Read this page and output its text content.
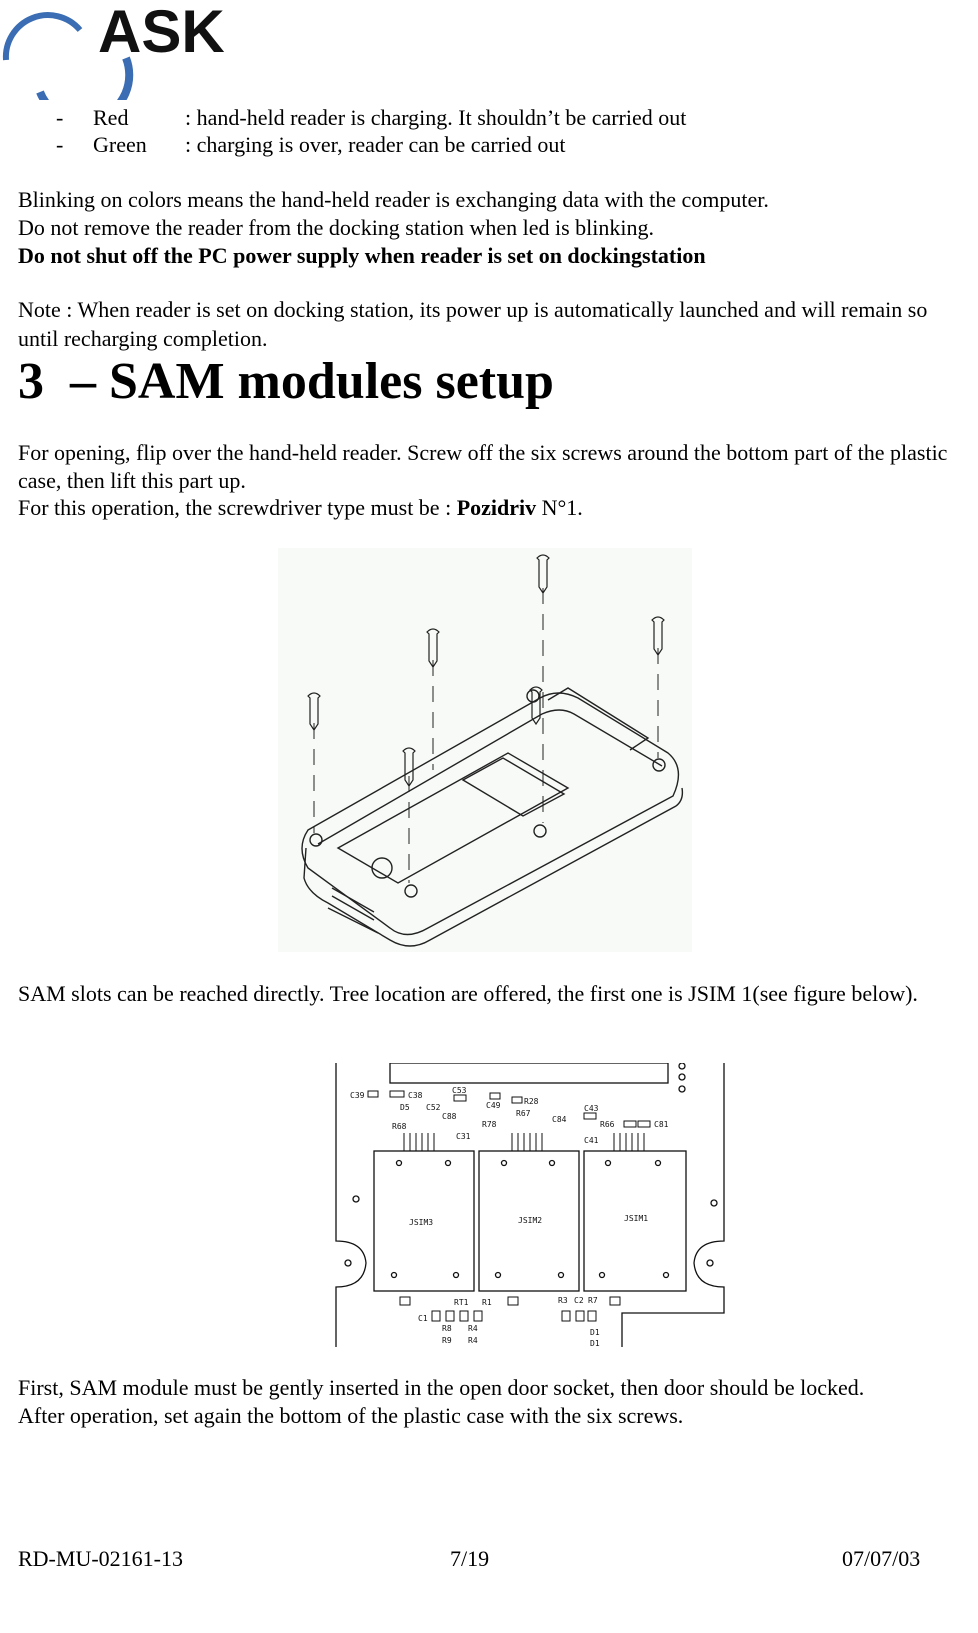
ASK
- Red	: hand-held reader is charging. It shouldn’t be carried out
- Green : charging is over, reader can be carried out
Blinking on colors means the hand-held reader is exchanging data with the computer.
Do not remove the reader from the docking station when led is blinking.
Do not shut off the PC power supply when reader is set on dockingstation
Note : When reader is set on docking station, its power up is automatically launched and will remain so until recharging completion.
3 – SAM modules setup
For opening, flip over the hand-held reader. Screw off the six screws around the bottom part of the plastic case, then lift this part up.
For this operation, the screwdriver type must be : Pozidriv N°1.
SAM slots can be reached directly. Tree location are offered, the first one is JSIM 1(see figure below).
C39	C38
C53
C49	R28
C43
D5 C52
R67
C88	C84
R68	R78
C31
R66	C81
C41
RT1 R1	R3 C2 R7
C1
R8 R4
R9 R4
D1
D1
JSIM3	JSIM2	JSIM1
First, SAM module must be gently inserted in the open door socket, then door should be locked.
After operation, set again the bottom of the plastic case with the six screws.
RD-MU-02161-13	7/19	07/07/03
